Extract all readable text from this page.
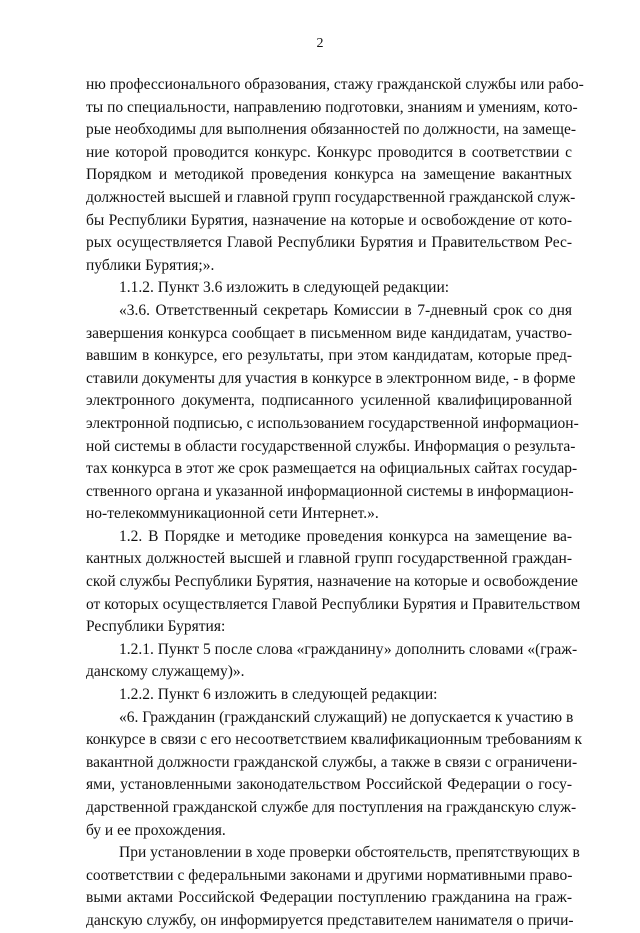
2
ню профессионального образования, стажу гражданской службы или рабо-
ты по специальности, направлению подготовки, знаниям и умениям, кото-
рые необходимы для выполнения обязанностей по должности, на замеще-
ние которой проводится конкурс. Конкурс проводится в соответствии с
Порядком и методикой проведения конкурса на замещение вакантных
должностей высшей и главной групп государственной гражданской служ-
бы Республики Бурятия, назначение на которые и освобождение от кото-
рых осуществляется Главой Республики Бурятия и Правительством Рес-
публики Бурятия;».
1.1.2. Пункт 3.6 изложить в следующей редакции:
«3.6. Ответственный секретарь Комиссии в 7-дневный срок со дня
завершения конкурса сообщает в письменном виде кандидатам, участво-
вавшим в конкурсе, его результаты, при этом кандидатам, которые пред-
ставили документы для участия в конкурсе в электронном виде, - в форме
электронного документа, подписанного усиленной квалифицированной
электронной подписью, с использованием государственной информацион-
ной системы в области государственной службы. Информация о результа-
тах конкурса в этот же срок размещается на официальных сайтах государ-
ственного органа и указанной информационной системы в информацион-
но-телекоммуникационной сети Интернет.».
1.2. В Порядке и методике проведения конкурса на замещение ва-
кантных должностей высшей и главной групп государственной граждан-
ской службы Республики Бурятия, назначение на которые и освобождение
от которых осуществляется Главой Республики Бурятия и Правительством
Республики Бурятия:
1.2.1. Пункт 5 после слова «гражданину» дополнить словами «(граж-
данскому служащему)».
1.2.2. Пункт 6 изложить в следующей редакции:
«6. Гражданин (гражданский служащий) не допускается к участию в
конкурсе в связи с его несоответствием квалификационным требованиям к
вакантной должности гражданской службы, а также в связи с ограничени-
ями, установленными законодательством Российской Федерации о госу-
дарственной гражданской службе для поступления на гражданскую служ-
бу и ее прохождения.
При установлении в ходе проверки обстоятельств, препятствующих в
соответствии с федеральными законами и другими нормативными право-
выми актами Российской Федерации поступлению гражданина на граж-
данскую службу, он информируется представителем нанимателя о причи-
